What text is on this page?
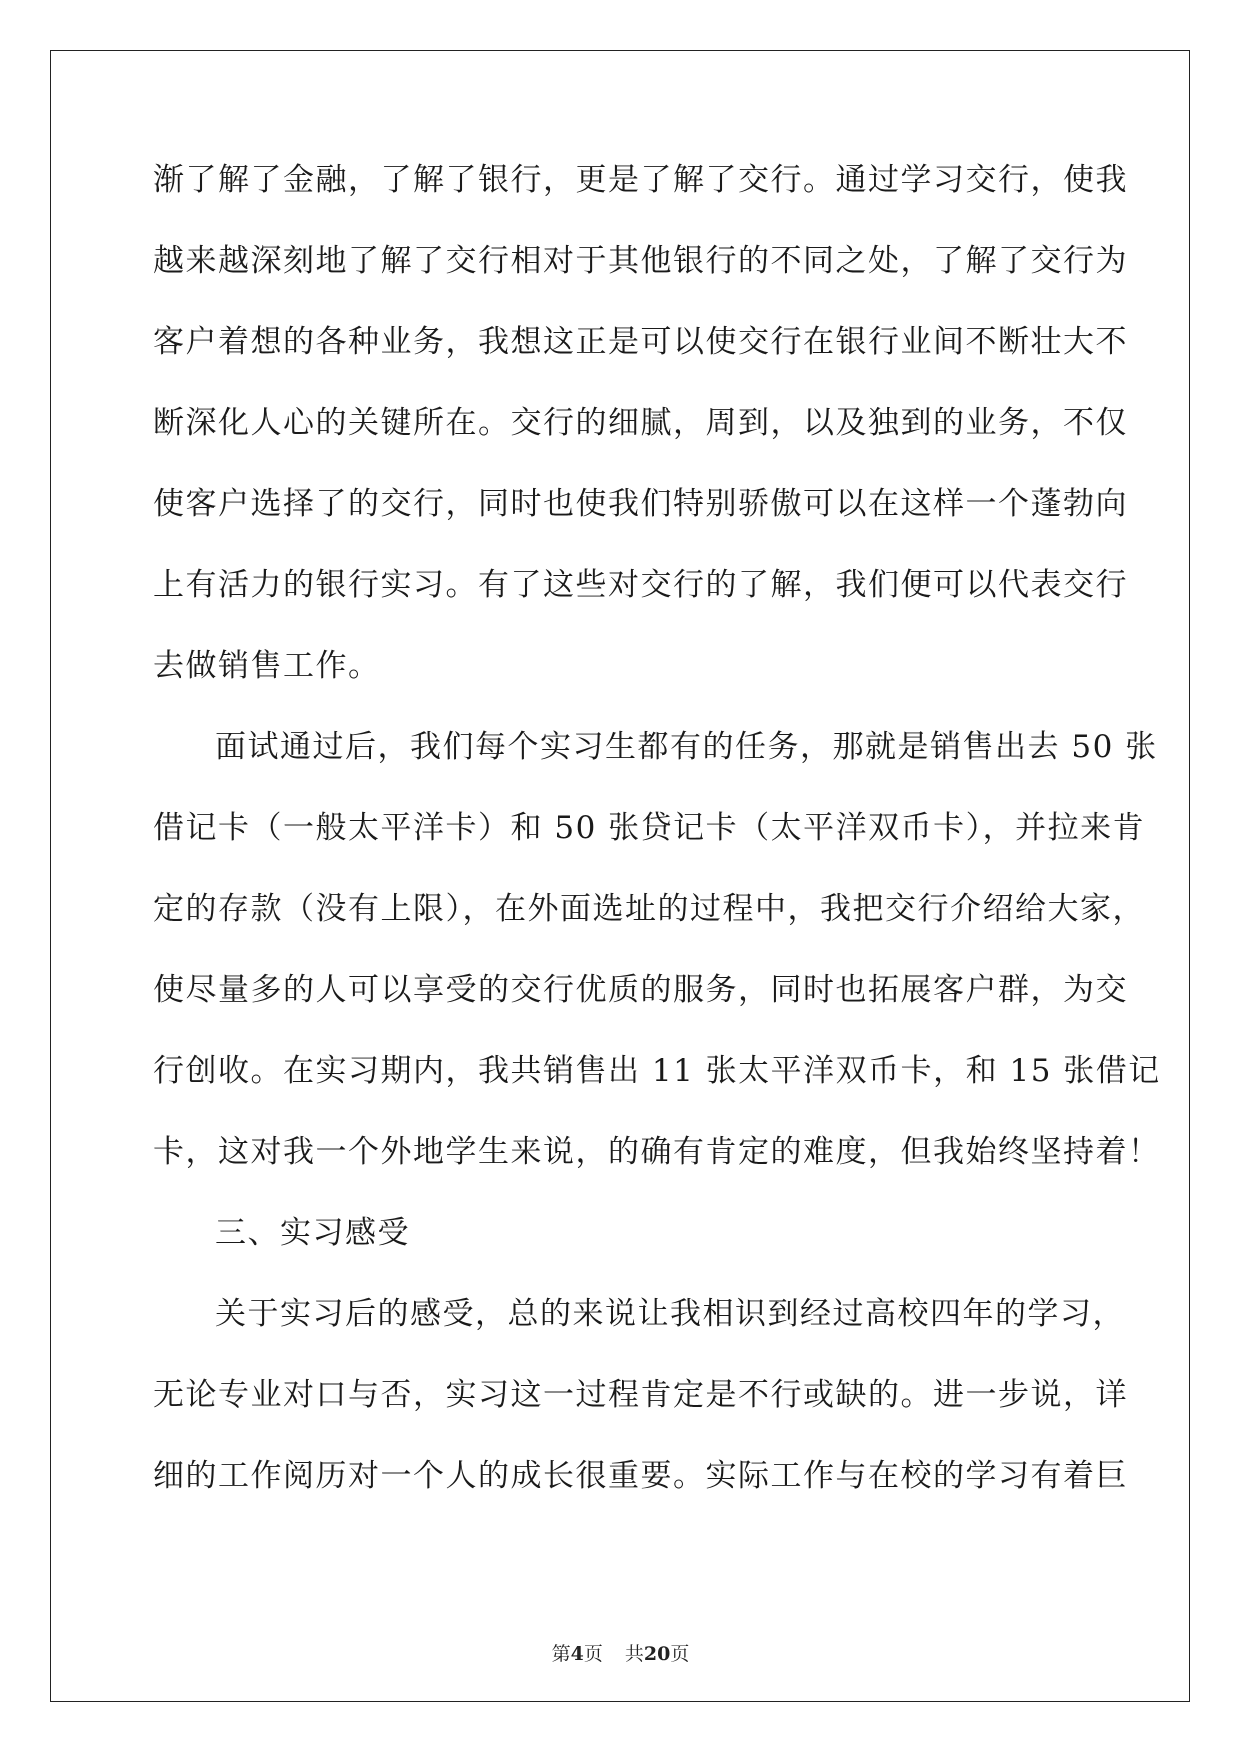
渐了解了金融，了解了银行，更是了解了交行。通过学习交行，使我
越来越深刻地了解了交行相对于其他银行的不同之处，了解了交行为
客户着想的各种业务，我想这正是可以使交行在银行业间不断壮大不
断深化人心的关键所在。交行的细腻，周到，以及独到的业务，不仅
使客户选择了的交行，同时也使我们特别骄傲可以在这样一个蓬勃向
上有活力的银行实习。有了这些对交行的了解，我们便可以代表交行
去做销售工作。
面试通过后，我们每个实习生都有的任务，那就是销售出去 50 张
借记卡（一般太平洋卡）和 50 张贷记卡（太平洋双币卡），并拉来肯
定的存款（没有上限），在外面选址的过程中，我把交行介绍给大家，
使尽量多的人可以享受的交行优质的服务，同时也拓展客户群，为交
行创收。在实习期内，我共销售出 11 张太平洋双币卡，和 15 张借记
卡，这对我一个外地学生来说，的确有肯定的难度，但我始终坚持着！
三、实习感受
关于实习后的感受，总的来说让我相识到经过高校四年的学习，
无论专业对口与否，实习这一过程肯定是不行或缺的。进一步说，详
细的工作阅历对一个人的成长很重要。实际工作与在校的学习有着巨
第4页 共20页
